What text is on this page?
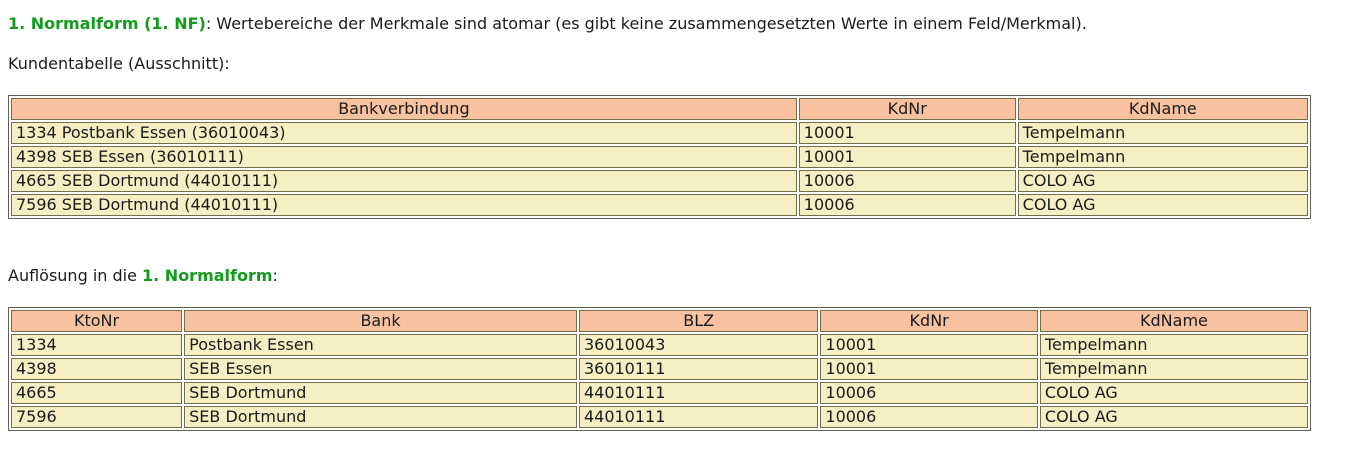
1. Normalform (1. NF): Wertebereiche der Merkmale sind atomar (es gibt keine zusammengesetzten Werte in einem Feld/Merkmal).

Kundentabelle (Ausschnitt):

Bankverbindung	KdNr	KdName
1334 Postbank Essen (36010043)	10001	Tempelmann
4398 SEB Essen (36010111)	10001	Tempelmann
4665 SEB Dortmund (44010111)	10006	COLO AG
7596 SEB Dortmund (44010111)	10006	COLO AG

Auflösung in die 1. Normalform:

KtoNr	Bank	BLZ	KdNr	KdName
1334	Postbank Essen	36010043	10001	Tempelmann
4398	SEB Essen	36010111	10001	Tempelmann
4665	SEB Dortmund	44010111	10006	COLO AG
7596	SEB Dortmund	44010111	10006	COLO AG
